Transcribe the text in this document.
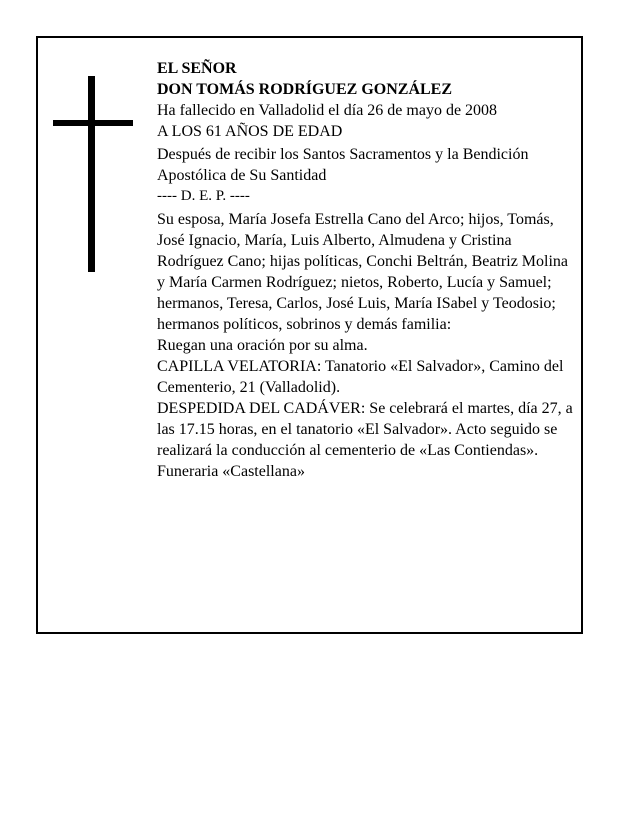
EL SEÑOR

DON TOMÁS RODRÍGUEZ GONZÁLEZ

Ha fallecido en Valladolid el día 26 de mayo de 2008

A LOS 61 AÑOS DE EDAD

Después de recibir los Santos Sacramentos y la Bendición Apostólica de Su Santidad

---- D. E. P. ----

Su esposa, María Josefa Estrella Cano del Arco; hijos, Tomás, José Ignacio, María, Luis Alberto, Almudena y Cristina Rodríguez Cano; hijas políticas, Conchi Beltrán, Beatriz Molina y María Carmen Rodríguez; nietos, Roberto, Lucía y Samuel; hermanos, Teresa, Carlos, José Luis, María ISabel y Teodosio; hermanos políticos, sobrinos y demás familia:

Ruegan una oración por su alma.

CAPILLA VELATORIA: Tanatorio «El Salvador», Camino del Cementerio, 21 (Valladolid).

DESPEDIDA DEL CADÁVER: Se celebrará el martes, día 27, a las 17.15 horas, en el tanatorio «El Salvador». Acto seguido se realizará la conducción al cementerio de «Las Contiendas».

Funeraria «Castellana»
